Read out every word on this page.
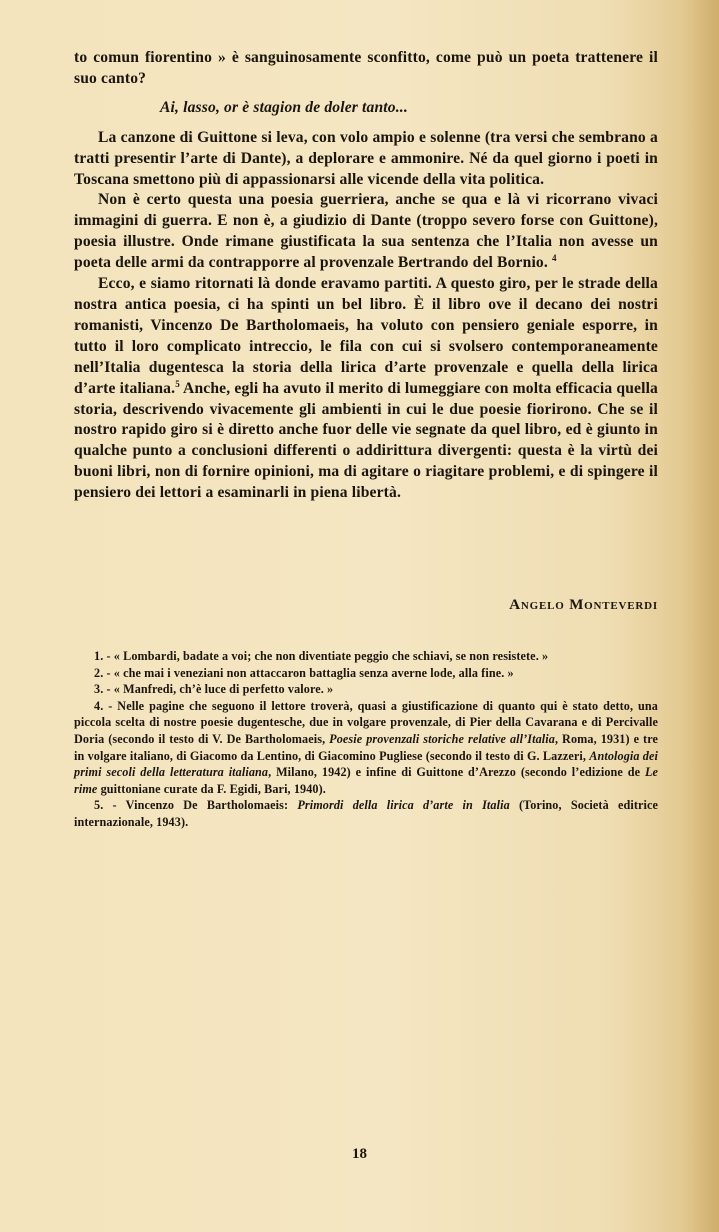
to comun fiorentino » è sanguinosamente sconfitto, come può un poeta trattenere il suo canto?

Ai, lasso, or è stagion de doler tanto...

La canzone di Guittone si leva, con volo ampio e solenne (tra versi che sembrano a tratti presentir l’arte di Dante), a deplorare e ammonire. Né da quel giorno i poeti in Toscana smettono più di appassionarsi alle vicende della vita politica.

Non è certo questa una poesia guerriera, anche se qua e là vi ricorrano vivaci immagini di guerra. E non è, a giudizio di Dante (troppo severo forse con Guittone), poesia illustre. Onde rimane giustificata la sua sentenza che l’Italia non avesse un poeta delle armi da contrapporre al provenzale Bertrando del Bornio. $^4$

Ecco, e siamo ritornati là donde eravamo partiti. A questo giro, per le strade della nostra antica poesia, ci ha spinti un bel libro. È il libro ove il decano dei nostri romanisti, Vincenzo De Bartholomaeis, ha voluto con pensiero geniale esporre, in tutto il loro complicato intreccio, le fila con cui si svolsero contemporaneamente nell’Italia dugentesca la storia della lirica d’arte provenzale e quella della lirica d’arte italiana.$^5$ Anche, egli ha avuto il merito di lumeggiare con molta efficacia quella storia, descrivendo vivacemente gli ambienti in cui le due poesie fiorirono. Che se il nostro rapido giro si è diretto anche fuor delle vie segnate da quel libro, ed è giunto in qualche punto a conclusioni differenti o addirittura divergenti: questa è la virtù dei buoni libri, non di fornire opinioni, ma di agitare o riagitare problemi, e di spingere il pensiero dei lettori a esaminarli in piena libertà.

Angelo Monteverdi

1. - « Lombardi, badate a voi; che non diventiate peggio che schiavi, se non resistete. »

2. - « che mai i veneziani non attaccaron battaglia senza averne lode, alla fine. »

3. - « Manfredi, ch’è luce di perfetto valore. »

4. - Nelle pagine che seguono il lettore troverà, quasi a giustificazione di quanto qui è stato detto, una piccola scelta di nostre poesie dugentesche, due in volgare provenzale, di Pier della Cavarana e di Percivalle Doria (secondo il testo di V. De Bartholomaeis, Poesie provenzali storiche relative all’Italia, Roma, 1931) e tre in volgare italiano, di Giacomo da Lentino, di Giacomino Pugliese (secondo il testo di G. Lazzeri, Antologia dei primi secoli della letteratura italiana, Milano, 1942) e infine di Guittone d’Arezzo (secondo l’edizione de Le rime guittoniane curate da F. Egidi, Bari, 1940).

5. - Vincenzo De Bartholomaeis: Primordi della lirica d’arte in Italia (Torino, Società editrice internazionale, 1943).

18
